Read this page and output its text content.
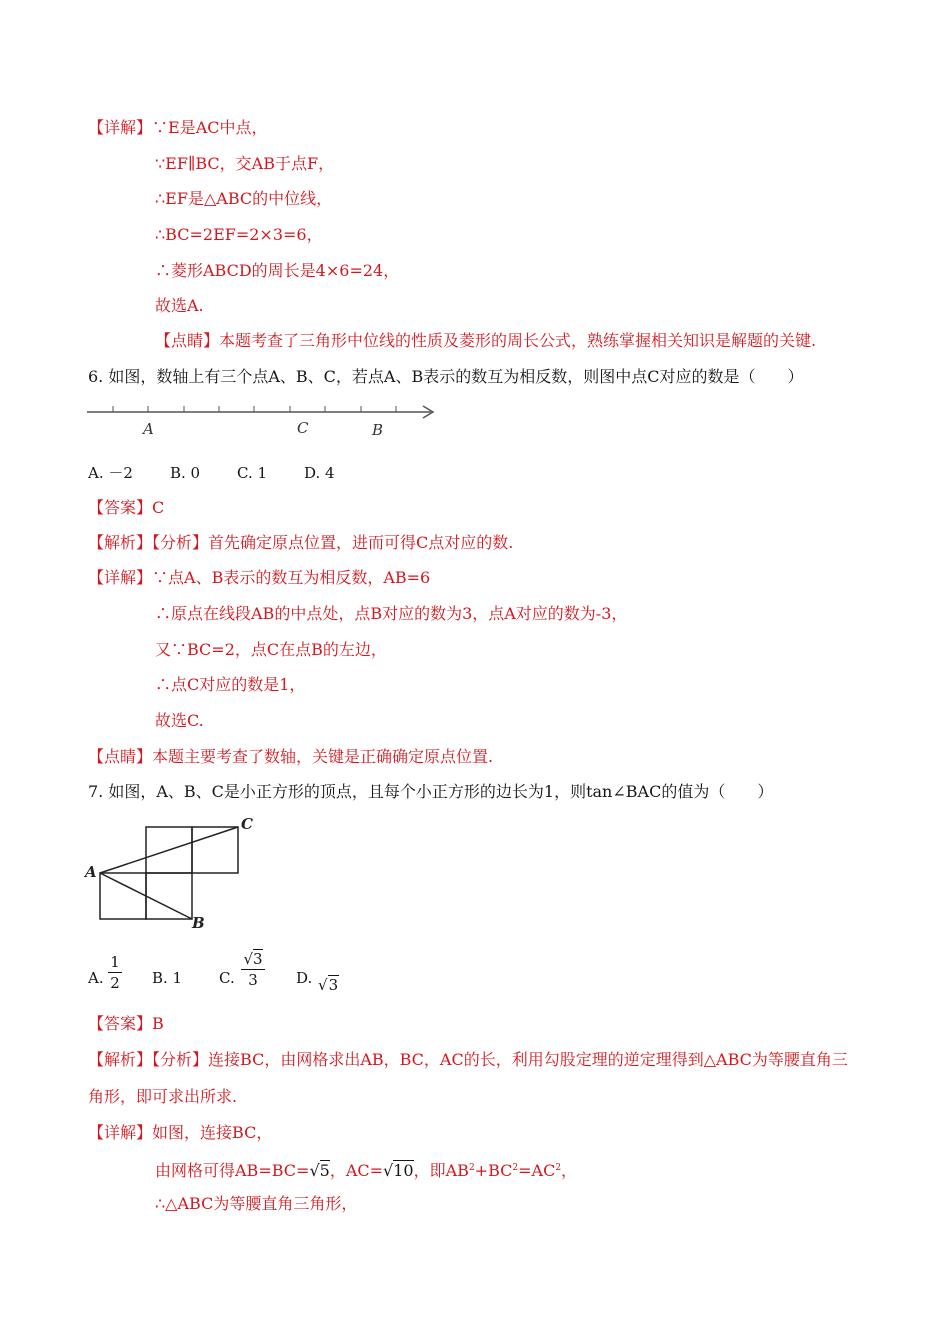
【详解】∵E是AC中点，
∵EF∥BC，交AB于点F，
∴EF是△ABC的中位线，
∴BC=2EF=2×3=6，
∴菱形ABCD的周长是4×6=24，
故选A.
【点睛】本题考查了三角形中位线的性质及菱形的周长公式，熟练掌握相关知识是解题的关键.
6. 如图，数轴上有三个点A、B、C，若点A、B表示的数互为相反数，则图中点C对应的数是（　　）
A	C	B
A. －2 B. 0 C. 1 D. 4
【答案】C
【解析】【分析】首先确定原点位置，进而可得C点对应的数.
【详解】∵点A、B表示的数互为相反数，AB=6
∴原点在线段AB的中点处，点B对应的数为3，点A对应的数为-3，
又∵BC=2，点C在点B的左边，
∴点C对应的数是1，
故选C.
【点睛】本题主要考查了数轴，关键是正确确定原点位置.
7. 如图，A、B、C是小正方形的顶点，且每个小正方形的边长为1，则tan∠BAC的值为（　　）
A
B
C
A.
1
2 B. 1 C.
√3
3	D. √3
【答案】B
【解析】【分析】连接BC，由网格求出AB，BC，AC的长，利用勾股定理的逆定理得到△ABC为等腰直角三
角形，即可求出所求.
【详解】如图，连接BC，
由网格可得AB=BC=√5，AC=√10，即$AB^2+BC^2=AC^2$，
∴△ABC为等腰直角三角形，
